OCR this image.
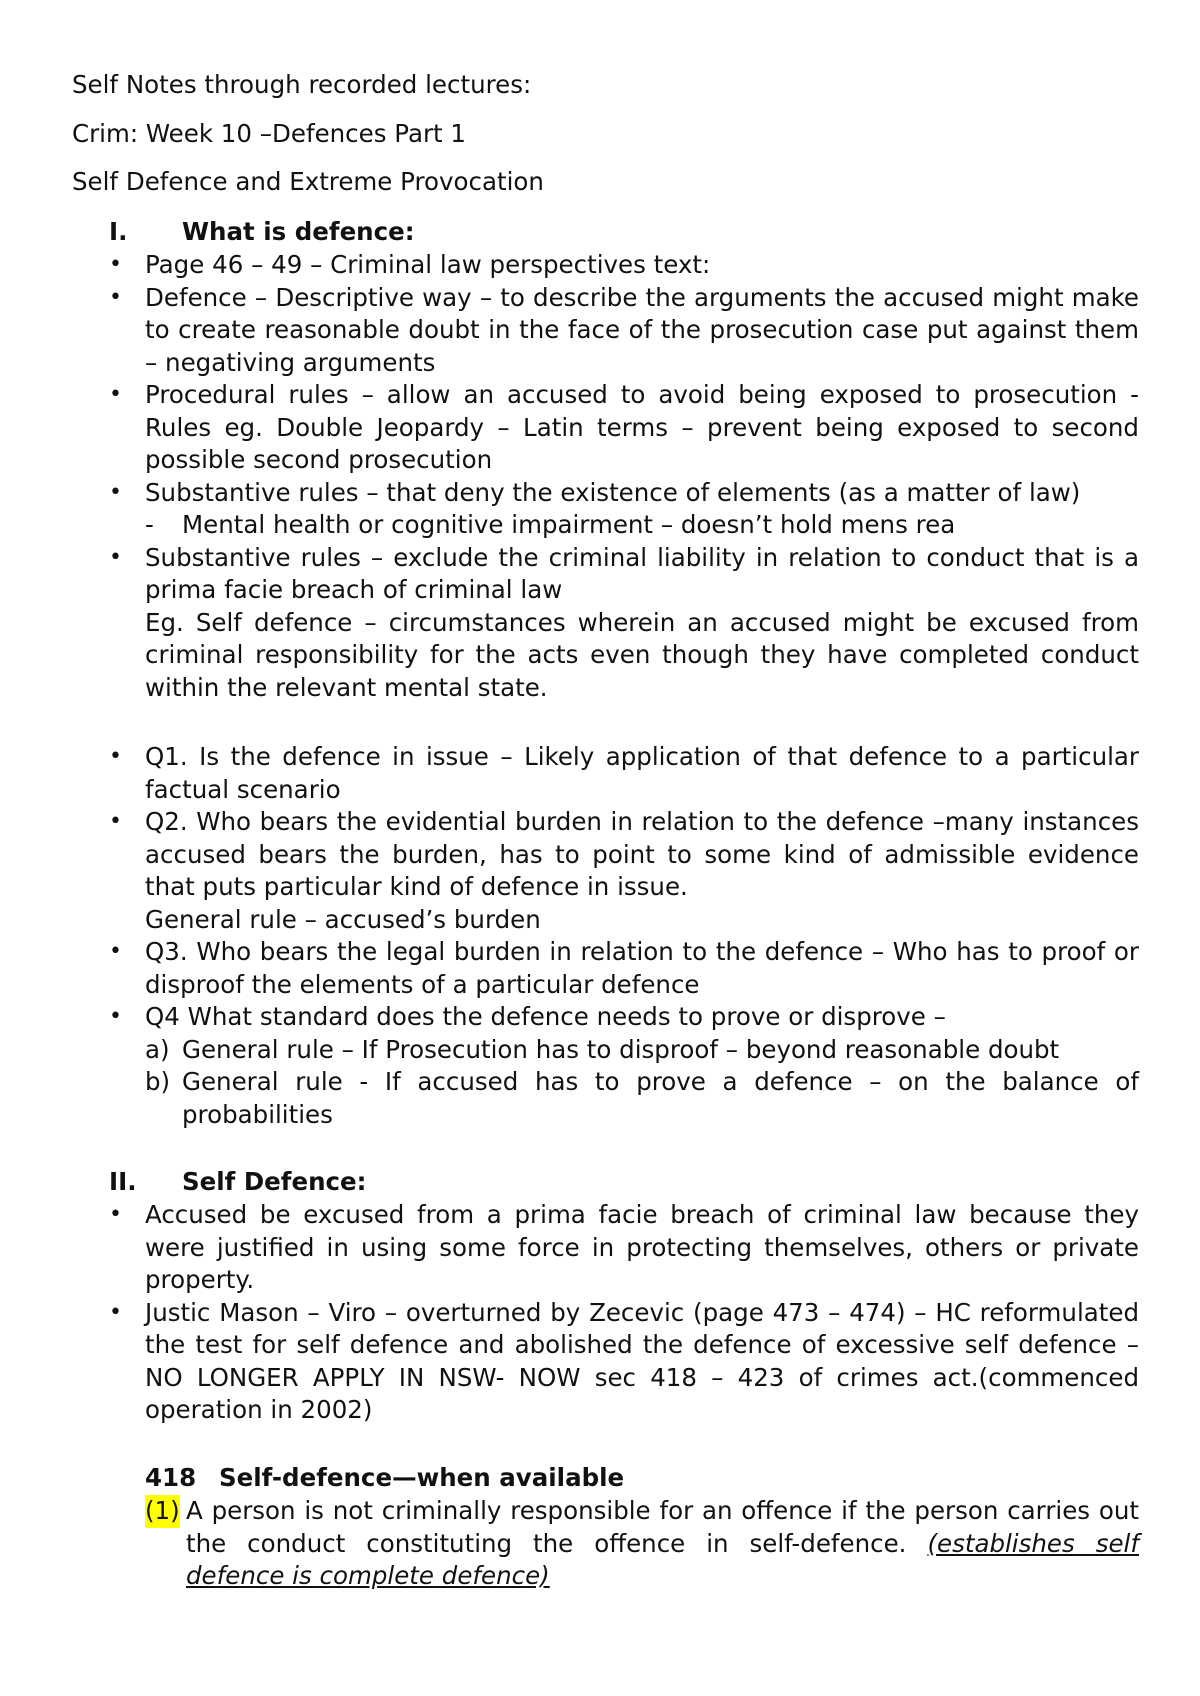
Self Notes through recorded lectures:
Crim: Week 10 –Defences Part 1
Self Defence and Extreme Provocation
I. What is defence:
• Page 46 – 49 – Criminal law perspectives text:
• Defence – Descriptive way – to describe the arguments the accused might make to create reasonable doubt in the face of the prosecution case put against them – negativing arguments
• Procedural rules – allow an accused to avoid being exposed to prosecution - Rules eg. Double Jeopardy – Latin terms – prevent being exposed to second possible second prosecution
• Substantive rules – that deny the existence of elements (as a matter of law)
- Mental health or cognitive impairment – doesn’t hold mens rea
• Substantive rules – exclude the criminal liability in relation to conduct that is a prima facie breach of criminal law
Eg. Self defence – circumstances wherein an accused might be excused from criminal responsibility for the acts even though they have completed conduct within the relevant mental state.
• Q1. Is the defence in issue – Likely application of that defence to a particular factual scenario
• Q2. Who bears the evidential burden in relation to the defence –many instances accused bears the burden, has to point to some kind of admissible evidence that puts particular kind of defence in issue.
General rule – accused’s burden
• Q3. Who bears the legal burden in relation to the defence – Who has to proof or disproof the elements of a particular defence
• Q4 What standard does the defence needs to prove or disprove –
a) General rule – If Prosecution has to disproof – beyond reasonable doubt
b) General rule - If accused has to prove a defence – on the balance of probabilities
II. Self Defence:
• Accused be excused from a prima facie breach of criminal law because they were justified in using some force in protecting themselves, others or private property.
• Justic Mason – Viro – overturned by Zecevic (page 473 – 474) – HC reformulated the test for self defence and abolished the defence of excessive self defence – NO LONGER APPLY IN NSW- NOW sec 418 – 423 of crimes act.(commenced operation in 2002)
418 Self-defence—when available
(1) A person is not criminally responsible for an offence if the person carries out the conduct constituting the offence in self-defence. (establishes self defence is complete defence)
